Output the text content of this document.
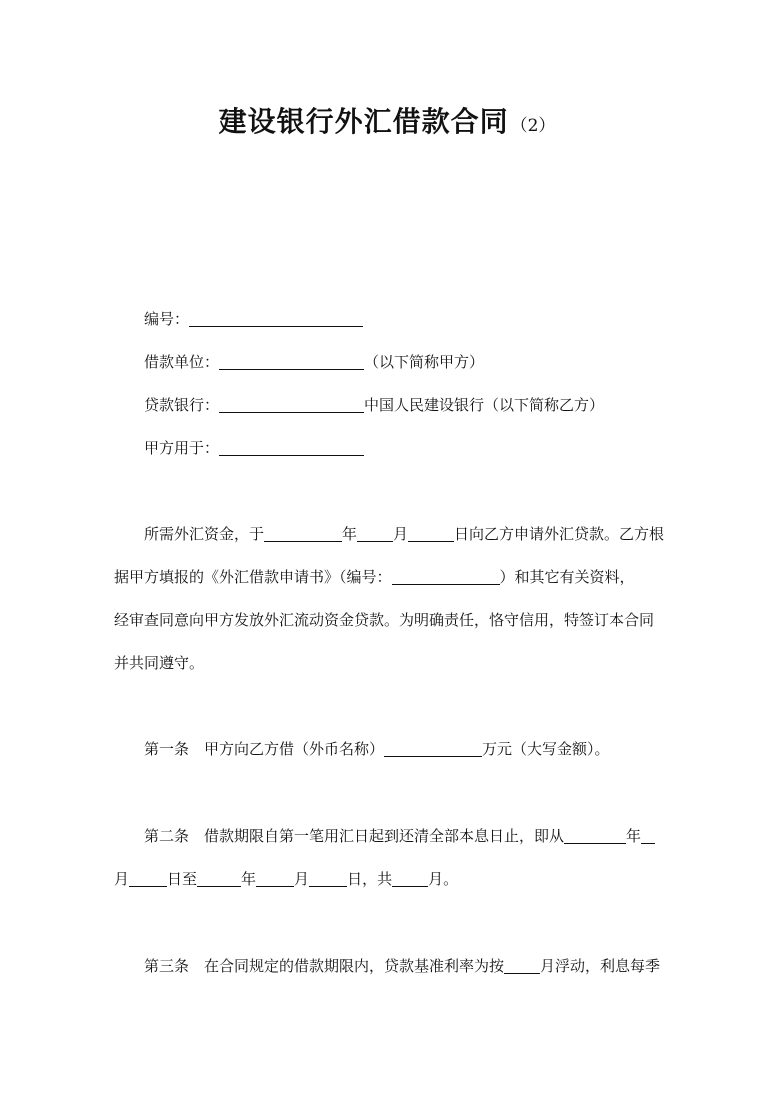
建设银行外汇借款合同 （2）
编号：
借款单位：	（以下简称甲方）
贷款银行：	中国人民建设银行（以下简称乙方）
甲方用于：
所需外汇资金，于	年 月	日向乙方申请外汇贷款。乙方根
据甲方填报的《外汇借款申请书》（编号：	）和其它有关资料，
经审查同意向甲方发放外汇流动资金贷款。为明确责任，恪守信用，特签订本合同
并共同遵守。
第一条　甲方向乙方借（外币名称）	万元（大写金额）。
第二条　借款期限自第一笔用汇日起到还清全部本息日止，即从	年
月	日至	年	月	日，共 月。
第三条　在合同规定的借款期限内，贷款基准利率为按 月浮动，利息每季
